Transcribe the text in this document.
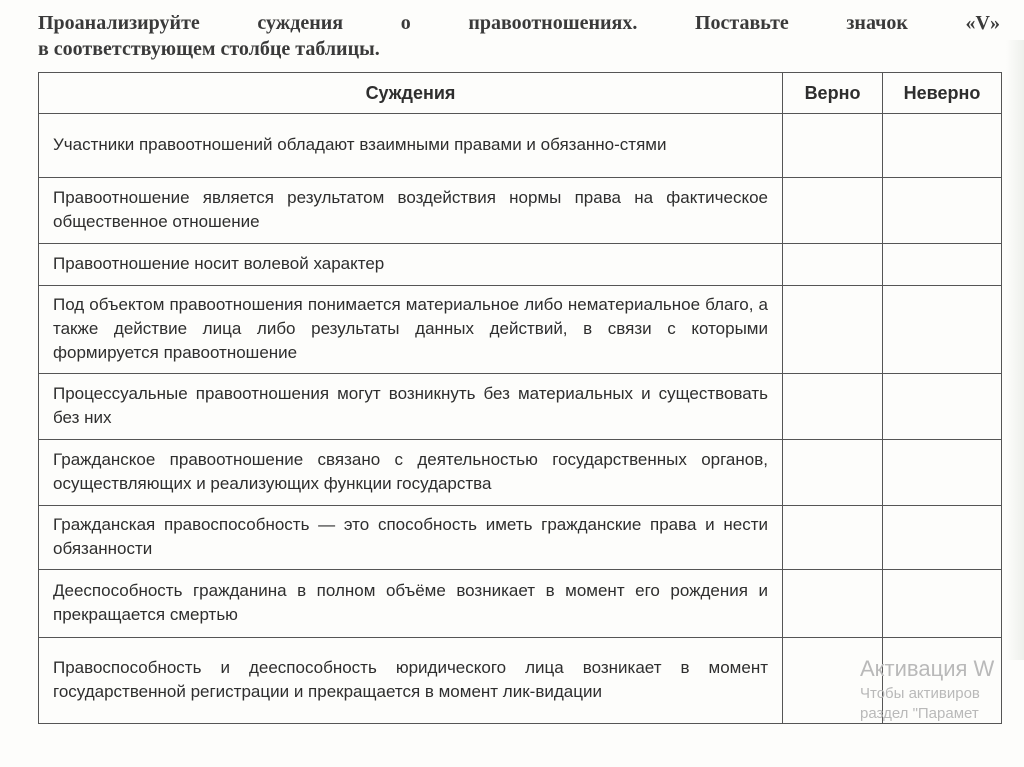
Проанализируйте суждения о правоотношениях. Поставьте значок «V»
в соответствующем столбце таблицы.
Суждения	Верно	Неверно
Участники правоотношений обладают взаимными правами и обязанно-стями		
Правоотношение является результатом воздействия нормы права на фактическое общественное отношение		
Правоотношение носит волевой характер		
Под объектом правоотношения понимается материальное либо нематериальное благо, а также действие лица либо результаты данных действий, в связи с которыми формируется правоотношение		
Процессуальные правоотношения могут возникнуть без материальных и существовать без них		
Гражданское правоотношение связано с деятельностью государственных органов, осуществляющих и реализующих функции государства		
Гражданская правоспособность — это способность иметь гражданские права и нести обязанности		
Дееспособность гражданина в полном объёме возникает в момент его рождения и прекращается смертью		
Правоспособность и дееспособность юридического лица возникает в момент государственной регистрации и прекращается в момент лик-видации		
Активация W
Чтобы активиров
раздел "Парамет
